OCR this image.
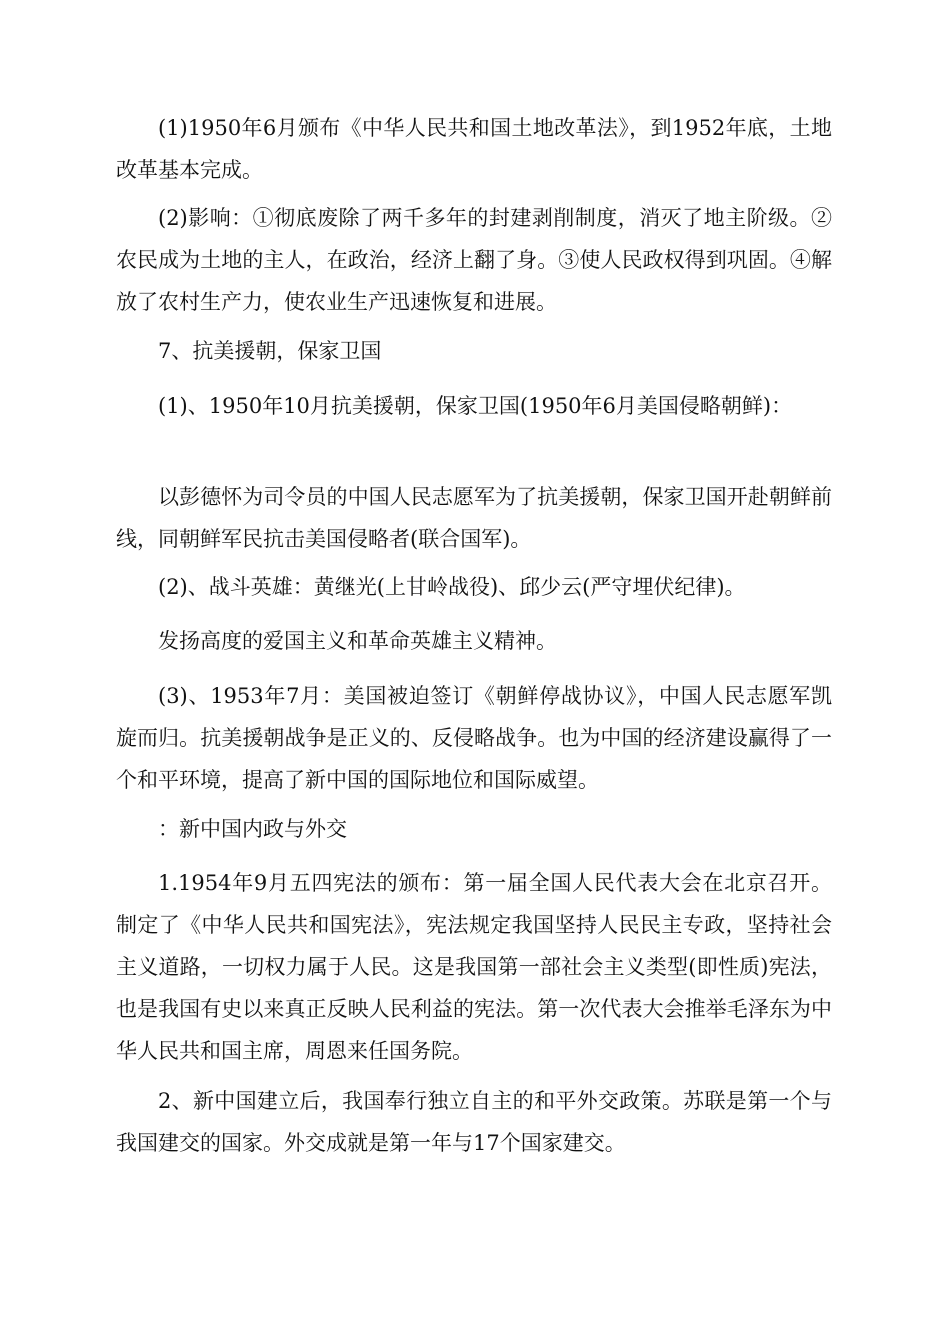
(1)1950年6月颁布《中华人民共和国土地改革法》，到1952年底，土地改革基本完成。

(2)影响：①彻底废除了两千多年的封建剥削制度，消灭了地主阶级。②农民成为土地的主人，在政治，经济上翻了身。③使人民政权得到巩固。④解放了农村生产力，使农业生产迅速恢复和进展。

7、抗美援朝，保家卫国

(1)、1950年10月抗美援朝，保家卫国(1950年6月美国侵略朝鲜)：

以彭德怀为司令员的中国人民志愿军为了抗美援朝，保家卫国开赴朝鲜前线，同朝鲜军民抗击美国侵略者(联合国军)。

(2)、战斗英雄：黄继光(上甘岭战役)、邱少云(严守埋伏纪律)。

发扬高度的爱国主义和革命英雄主义精神。

(3)、1953年7月：美国被迫签订《朝鲜停战协议》，中国人民志愿军凯旋而归。抗美援朝战争是正义的、反侵略战争。也为中国的经济建设赢得了一个和平环境，提高了新中国的国际地位和国际威望。

：新中国内政与外交

1.1954年9月五四宪法的颁布：第一届全国人民代表大会在北京召开。制定了《中华人民共和国宪法》，宪法规定我国坚持人民民主专政，坚持社会主义道路，一切权力属于人民。这是我国第一部社会主义类型(即性质)宪法，也是我国有史以来真正反映人民利益的宪法。第一次代表大会推举毛泽东为中华人民共和国主席，周恩来任国务院。

2、新中国建立后，我国奉行独立自主的和平外交政策。苏联是第一个与我国建交的国家。外交成就是第一年与17个国家建交。
